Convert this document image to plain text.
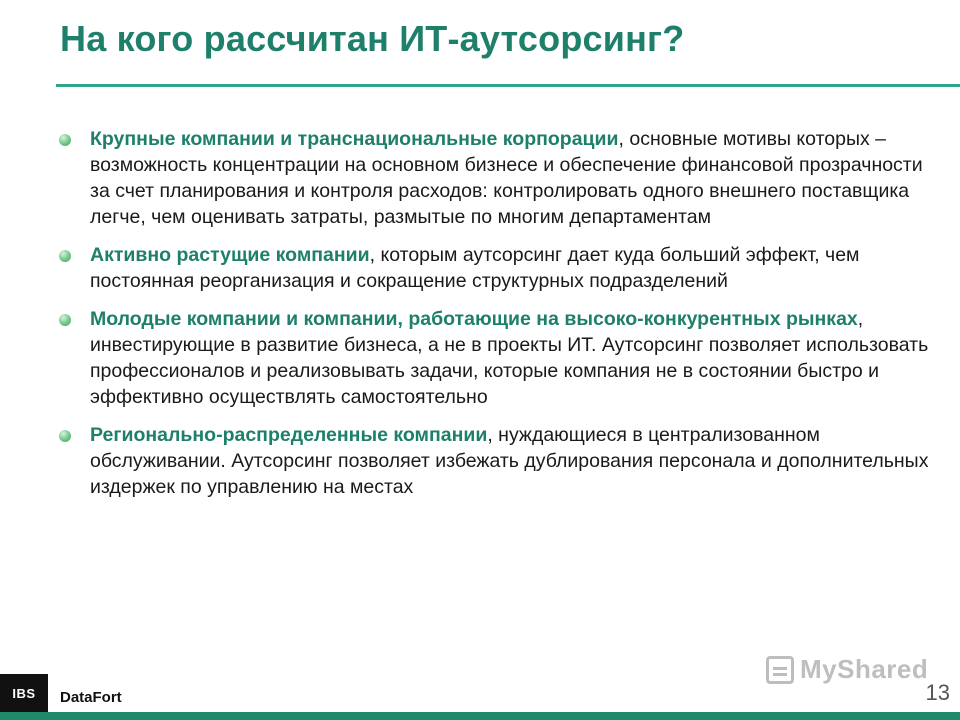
На кого рассчитан ИТ-аутсорсинг?
Крупные компании и транснациональные корпорации, основные мотивы которых – возможность концентрации на основном бизнесе и обеспечение финансовой прозрачности за счет планирования и контроля расходов: контролировать одного внешнего поставщика легче, чем оценивать затраты, размытые по многим департаментам
Активно растущие компании, которым аутсорсинг дает куда больший эффект, чем постоянная реорганизация и сокращение структурных подразделений
Молодые компании и компании, работающие на высоко-конкурентных рынках, инвестирующие в развитие бизнеса, а не в проекты ИТ. Аутсорсинг позволяет использовать профессионалов и реализовывать задачи, которые компания не в состоянии быстро и эффективно осуществлять самостоятельно
Регионально-распределенные компании, нуждающиеся в централизованном обслуживании. Аутсорсинг позволяет избежать дублирования персонала и дополнительных издержек по управлению на местах
MyShared
13
IBS	DataFort
